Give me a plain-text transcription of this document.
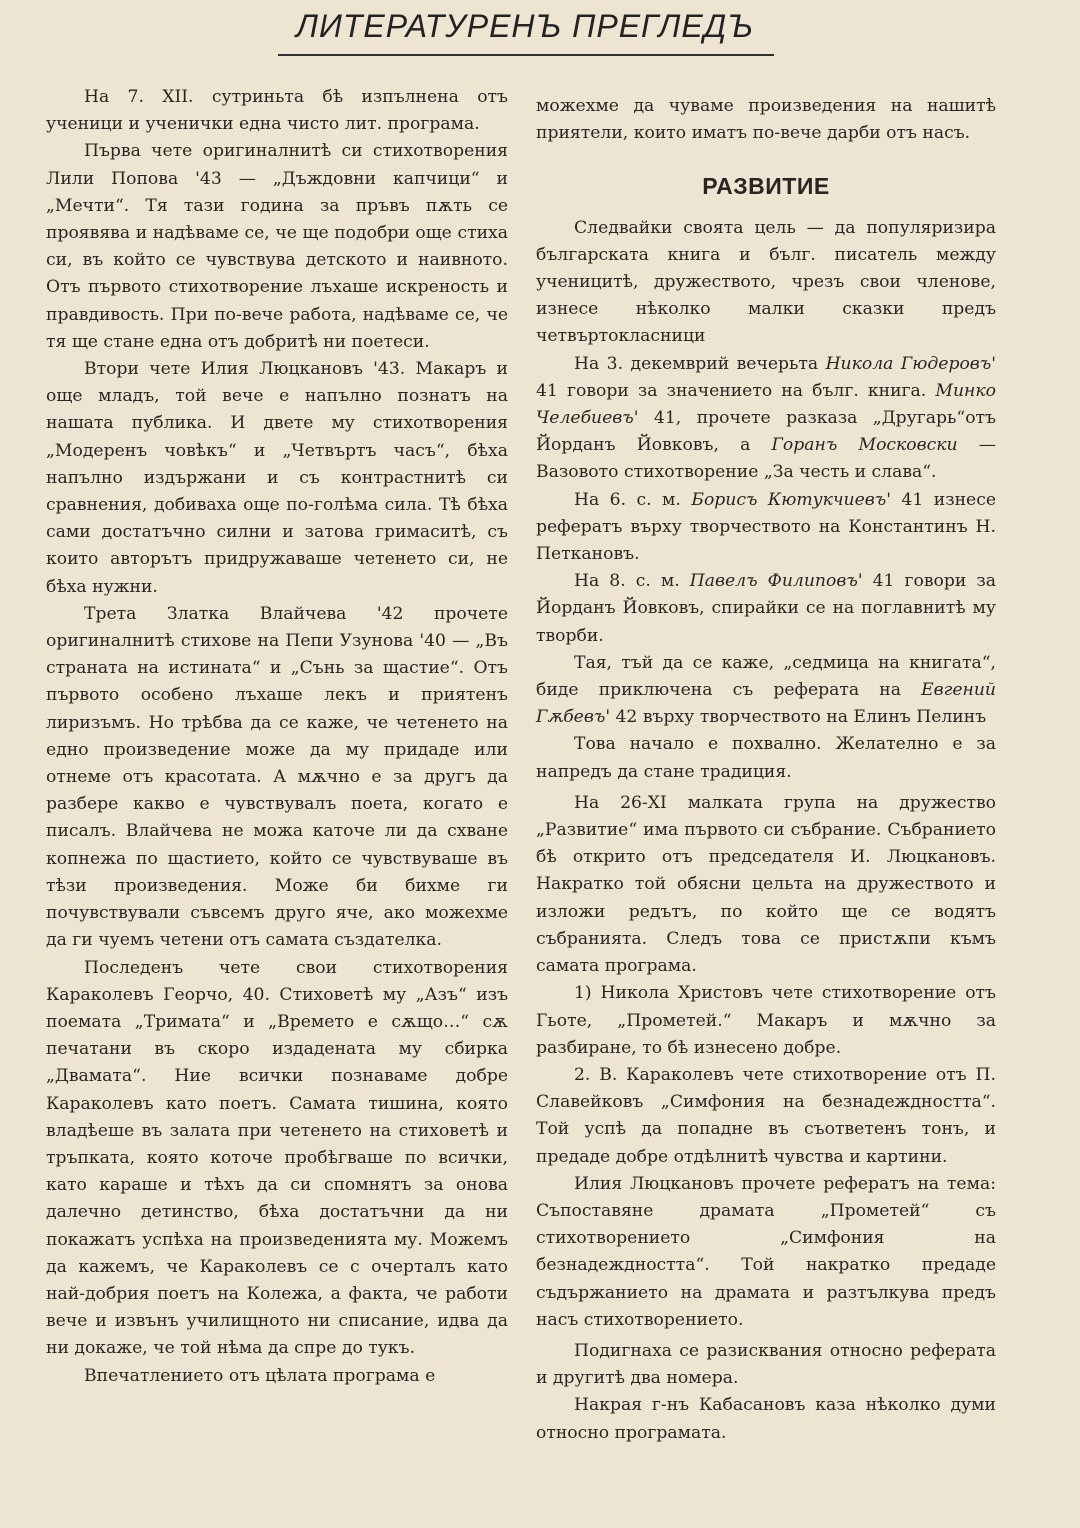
ЛИТЕРАТУРЕНЪ ПРЕГЛЕДЪ

На 7. XII. сутриньта бѣ изпълнена отъ ученици и ученички една чисто лит. програма.

Първа чете оригиналнитѣ си стихотворения Лили Попова '43 — „Дъждовни капчици“ и „Мечти“. Тя тази година за пръвъ пѫть се проявява и надѣваме се, че ще подобри още стиха си, въ който се чувствува детското и наивното. Отъ първото стихотворение лъхаше искреность и правдивость. При по-вече работа, надѣваме се, че тя ще стане една отъ добритѣ ни поетеси.

Втори чете Илия Люцкановъ '43. Макаръ и още младъ, той вече е напълно познатъ на нашата публика. И двете му стихотворения „Модеренъ човѣкъ“ и „Четвъртъ часъ“, бѣха напълно издържани и съ контрастнитѣ си сравнения, добиваха още по-голѣма сила. Тѣ бѣха сами достатъчно силни и затова гримаситѣ, съ които авторътъ придружаваше четенето си, не бѣха нужни.

Трета Златка Влайчева '42 прочете оригиналнитѣ стихове на Пепи Узунова '40 — „Въ страната на истината“ и „Сънь за щастие“. Отъ първото особено лъхаше лекъ и приятенъ лиризъмъ. Но трѣбва да се каже, че четенето на едно произведение може да му придаде или отнеме отъ красотата. А мѫчно е за другъ да разбере какво е чувствувалъ поета, когато е писалъ. Влайчева не можа каточе ли да схване копнежа по щастието, който се чувствуваше въ тѣзи произведения. Може би бихме ги почувствували съвсемъ друго яче, ако можехме да ги чуемъ четени отъ самата създателка.

Последенъ чете свои стихотворения Караколевъ Георчо, 40. Стиховетѣ му „Азъ“ изъ поемата „Тримата“ и „Времето е сѫщо…“ сѫ печатани въ скоро издадената му сбирка „Двамата“. Ние всички познаваме добре Караколевъ като поетъ. Самата тишина, която владѣеше въ залата при четенето на стиховетѣ и тръпката, която коточе пробѣгваше по всички, като караше и тѣхъ да си спомнятъ за онова далечно детинство, бѣха достатъчни да ни покажатъ успѣха на произведенията му. Можемъ да кажемъ, че Караколевъ се с очерталъ като най-добрия поетъ на Колежа, а факта, че работи вече и извънъ училищното ни списание, идва да ни докаже, че той нѣма да спре до тукъ.

Впечатлението отъ цѣлата програма е

можехме да чуваме произведения на нашитѣ приятели, които иматъ по-вече дарби отъ насъ.

РАЗВИТИЕ

Следвайки своята цель — да популяризира българската книга и бълг. писатель между ученицитѣ, дружеството, чрезъ свои членове, изнесе нѣколко малки сказки предъ четвъртокласници

На 3. декемврий вечерьта Никола Гюдеровъ' 41 говори за значението на бълг. книга. Минко Челебиевъ' 41, прочете разказа „Другарь“отъ Йорданъ Йовковъ, а Горанъ Московски — Вазовото стихотворение „За честь и слава“.

На 6. с. м. Борисъ Кютукчиевъ' 41 изнесе рефератъ върху творчеството на Константинъ Н. Петкановъ.

На 8. с. м. Павелъ Филиповъ' 41 говори за Йорданъ Йовковъ, спирайки се на поглавнитѣ му творби.

Тая, тъй да се каже, „седмица на книгата“, биде приключена съ реферата на Евгений Гѫбевъ' 42 върху творчеството на Елинъ Пелинъ

Това начало е похвално. Желателно е за напредъ да стане традиция.

На 26-XI малката група на дружество „Развитие“ има първото си събрание. Събранието бѣ открито отъ председателя И. Люцкановъ. Накратко той обясни цельта на дружеството и изложи редътъ, по който ще се водятъ събранията. Следъ това се пристѫпи къмъ самата програма.

1) Никола Христовъ чете стихотворение отъ Гьоте, „Прометей.“ Макаръ и мѫчно за разбиране, то бѣ изнесено добре.

2. В. Караколевъ чете стихотворение отъ П. Славейковъ „Симфония на безнадеждността“. Той успѣ да попадне въ съответенъ тонъ, и предаде добре отдѣлнитѣ чувства и картини.

Илия Люцкановъ прочете рефератъ на тема: Съпоставяне драмата „Прометей“ съ стихотворението „Симфония на безнадеждността“. Той накратко предаде съдържанието на драмата и разтълкува предъ насъ стихотворението.

Подигнаха се разисквания относно реферата и другитѣ два номера.

Накрая г-нъ Кабасановъ каза нѣколко думи относно програмата.
